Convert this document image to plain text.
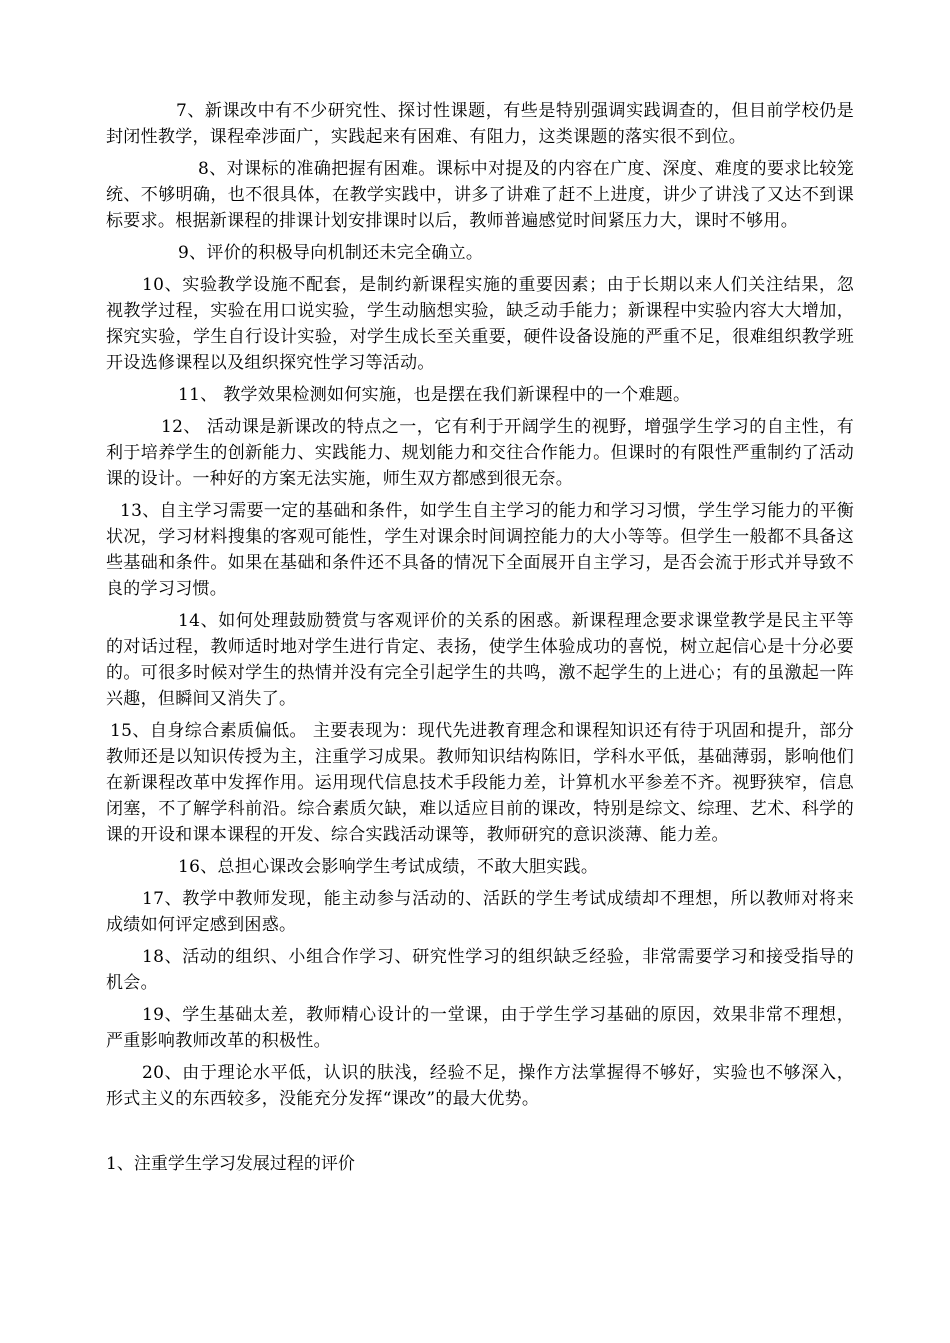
7、新课改中有不少研究性、探讨性课题，有些是特别强调实践调查的，但目前学校仍是封闭性教学，课程牵涉面广，实践起来有困难、有阻力，这类课题的落实很不到位。

8、对课标的准确把握有困难。课标中对提及的内容在广度、深度、难度的要求比较笼统、不够明确，也不很具体，在教学实践中，讲多了讲难了赶不上进度，讲少了讲浅了又达不到课标要求。根据新课程的排课计划安排课时以后，教师普遍感觉时间紧压力大，课时不够用。

9、评价的积极导向机制还未完全确立。

10、实验教学设施不配套，是制约新课程实施的重要因素；由于长期以来人们关注结果，忽视教学过程，实验在用口说实验，学生动脑想实验，缺乏动手能力；新课程中实验内容大大增加，探究实验，学生自行设计实验，对学生成长至关重要，硬件设备设施的严重不足，很难组织教学班开设选修课程以及组织探究性学习等活动。

11、 教学效果检测如何实施，也是摆在我们新课程中的一个难题。

12、 活动课是新课改的特点之一，它有利于开阔学生的视野，增强学生学习的自主性，有利于培养学生的创新能力、实践能力、规划能力和交往合作能力。但课时的有限性严重制约了活动课的设计。一种好的方案无法实施，师生双方都感到很无奈。

13、自主学习需要一定的基础和条件，如学生自主学习的能力和学习习惯，学生学习能力的平衡状况，学习材料搜集的客观可能性，学生对课余时间调控能力的大小等等。但学生一般都不具备这些基础和条件。如果在基础和条件还不具备的情况下全面展开自主学习，是否会流于形式并导致不良的学习习惯。

14、如何处理鼓励赞赏与客观评价的关系的困惑。新课程理念要求课堂教学是民主平等的对话过程，教师适时地对学生进行肯定、表扬，使学生体验成功的喜悦，树立起信心是十分必要的。可很多时候对学生的热情并没有完全引起学生的共鸣，激不起学生的上进心；有的虽激起一阵兴趣，但瞬间又消失了。

15、自身综合素质偏低。 主要表现为：现代先进教育理念和课程知识还有待于巩固和提升，部分教师还是以知识传授为主，注重学习成果。教师知识结构陈旧，学科水平低，基础薄弱，影响他们在新课程改革中发挥作用。运用现代信息技术手段能力差，计算机水平参差不齐。视野狭窄，信息闭塞，不了解学科前沿。综合素质欠缺，难以适应目前的课改，特别是综文、综理、艺术、科学的课的开设和课本课程的开发、综合实践活动课等，教师研究的意识淡薄、能力差。

16、总担心课改会影响学生考试成绩，不敢大胆实践。

17、教学中教师发现，能主动参与活动的、活跃的学生考试成绩却不理想，所以教师对将来成绩如何评定感到困惑。

18、活动的组织、小组合作学习、研究性学习的组织缺乏经验，非常需要学习和接受指导的机会。

19、学生基础太差，教师精心设计的一堂课，由于学生学习基础的原因，效果非常不理想，严重影响教师改革的积极性。

20、由于理论水平低，认识的肤浅，经验不足，操作方法掌握得不够好，实验也不够深入，形式主义的东西较多，没能充分发挥“课改”的最大优势。

1、注重学生学习发展过程的评价
